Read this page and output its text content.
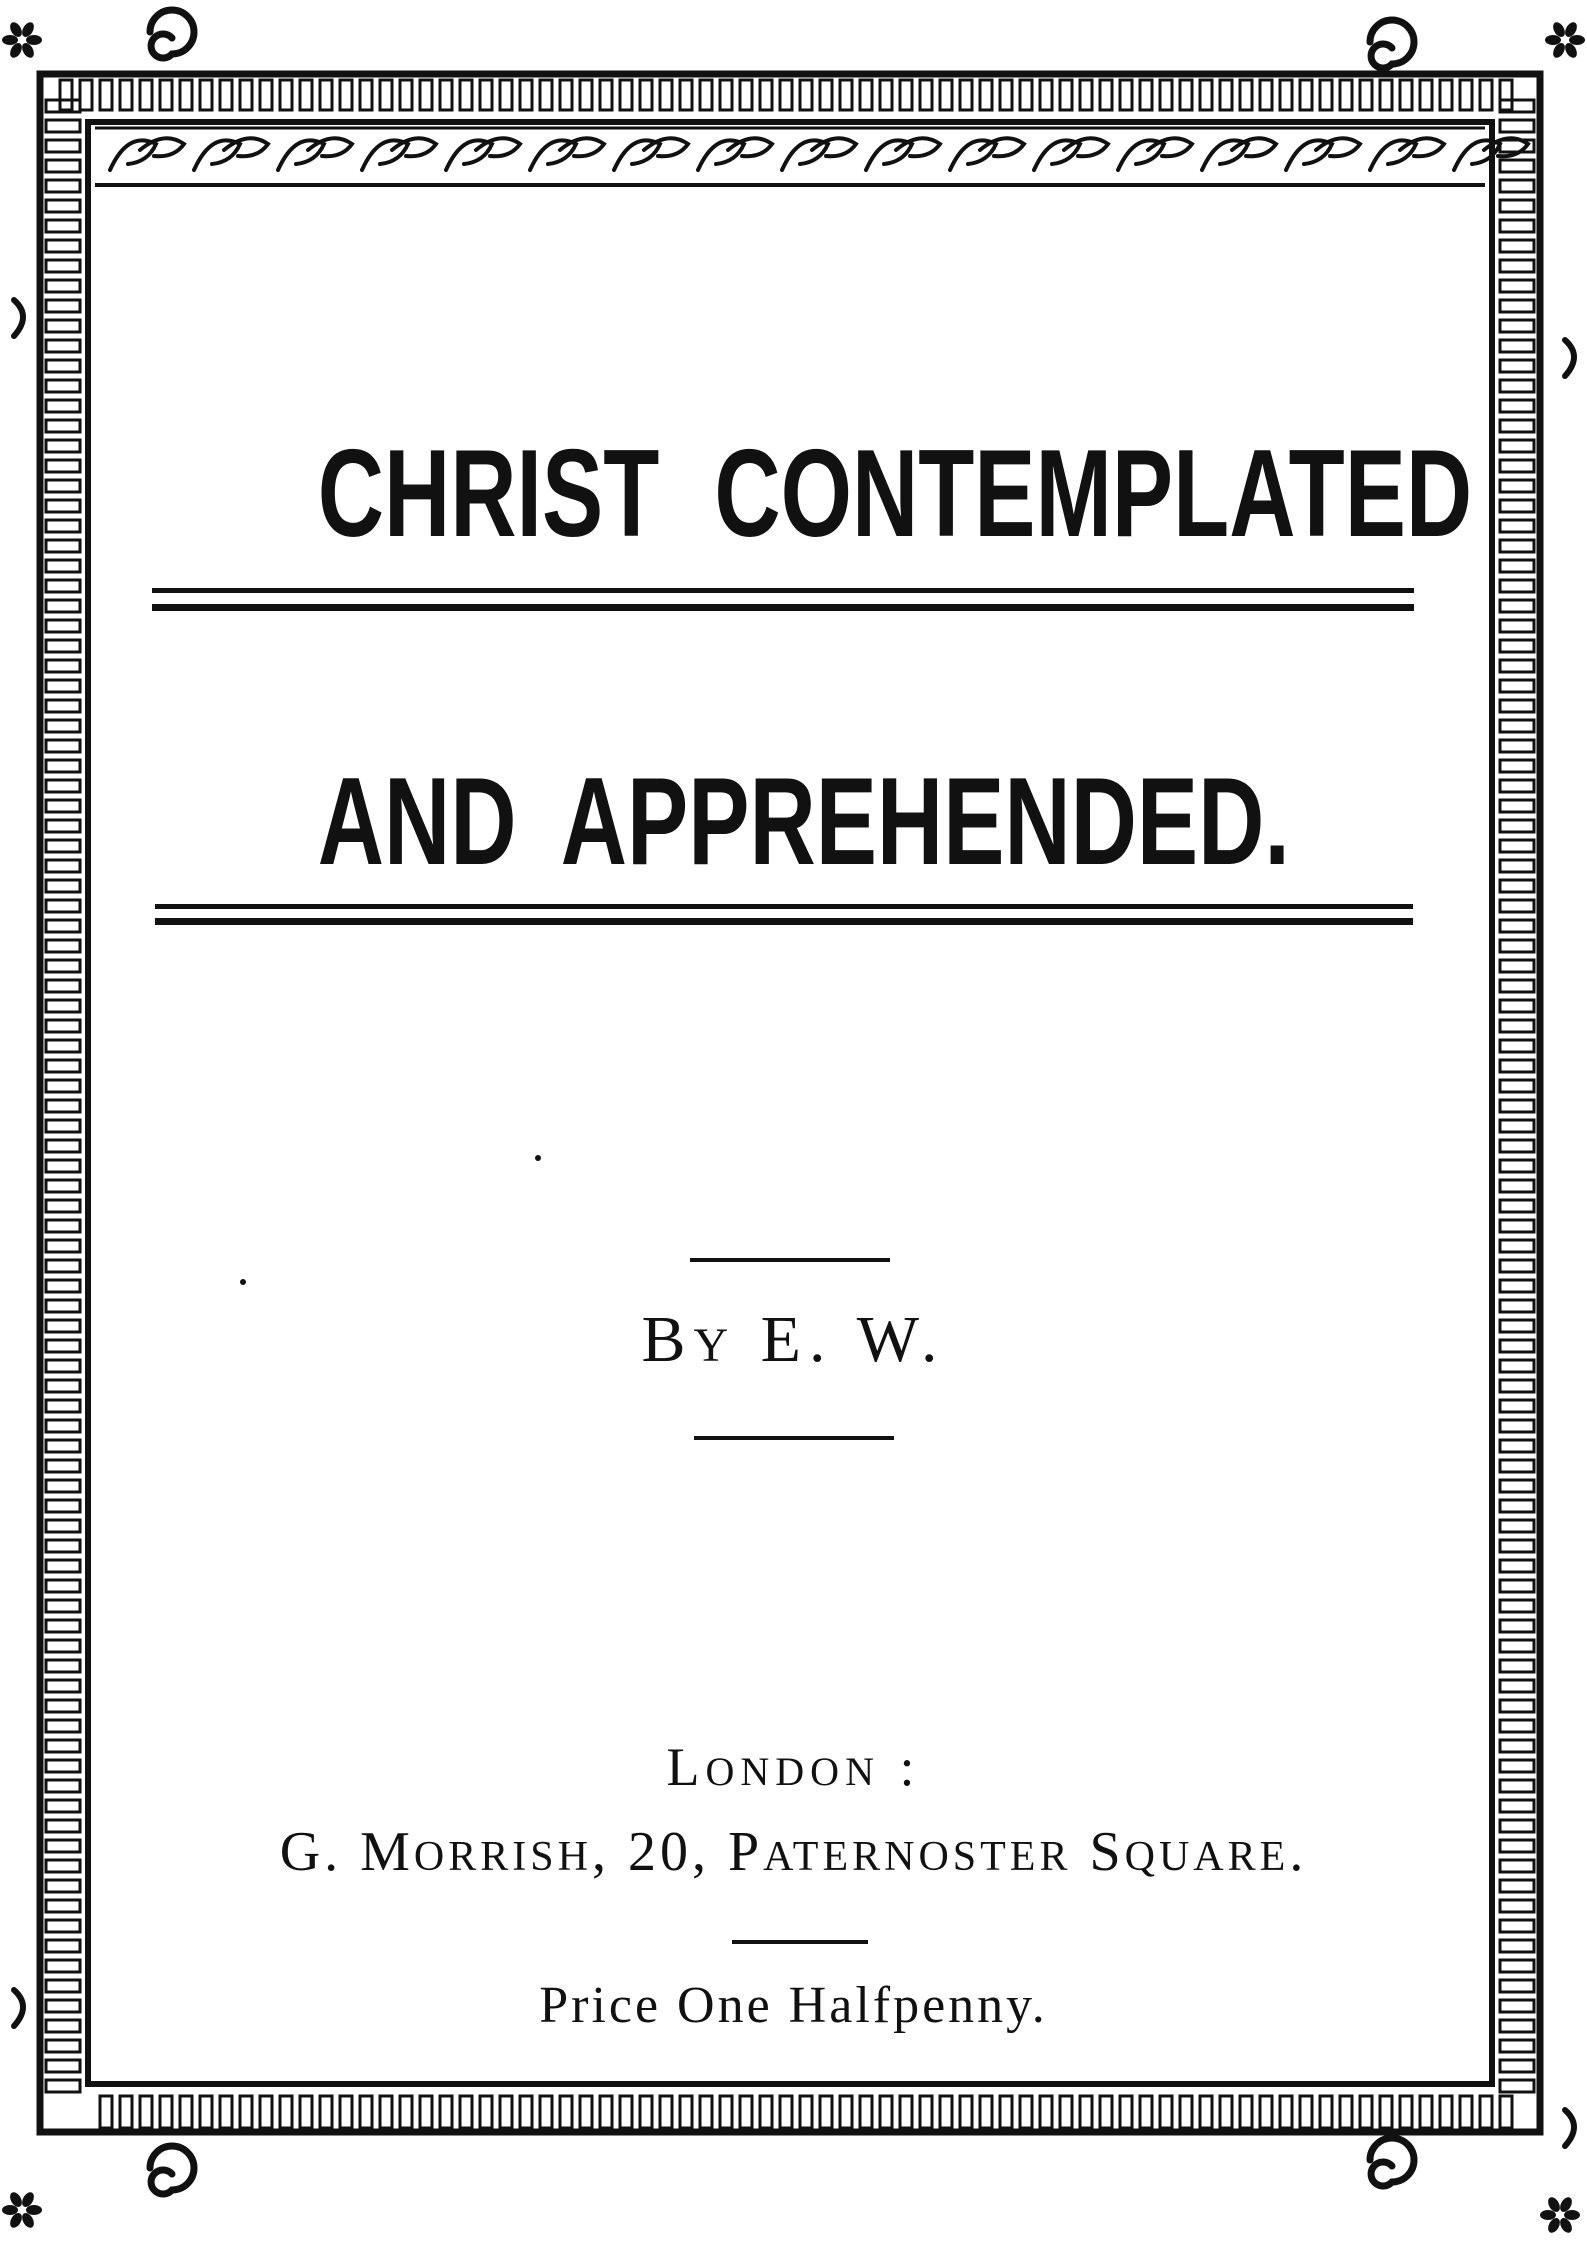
CHRIST CONTEMPLATED
AND APPREHENDED.
BY E. W.
LONDON :
G. MORRISH, 20, PATERNOSTER SQUARE.
Price One Halfpenny.
